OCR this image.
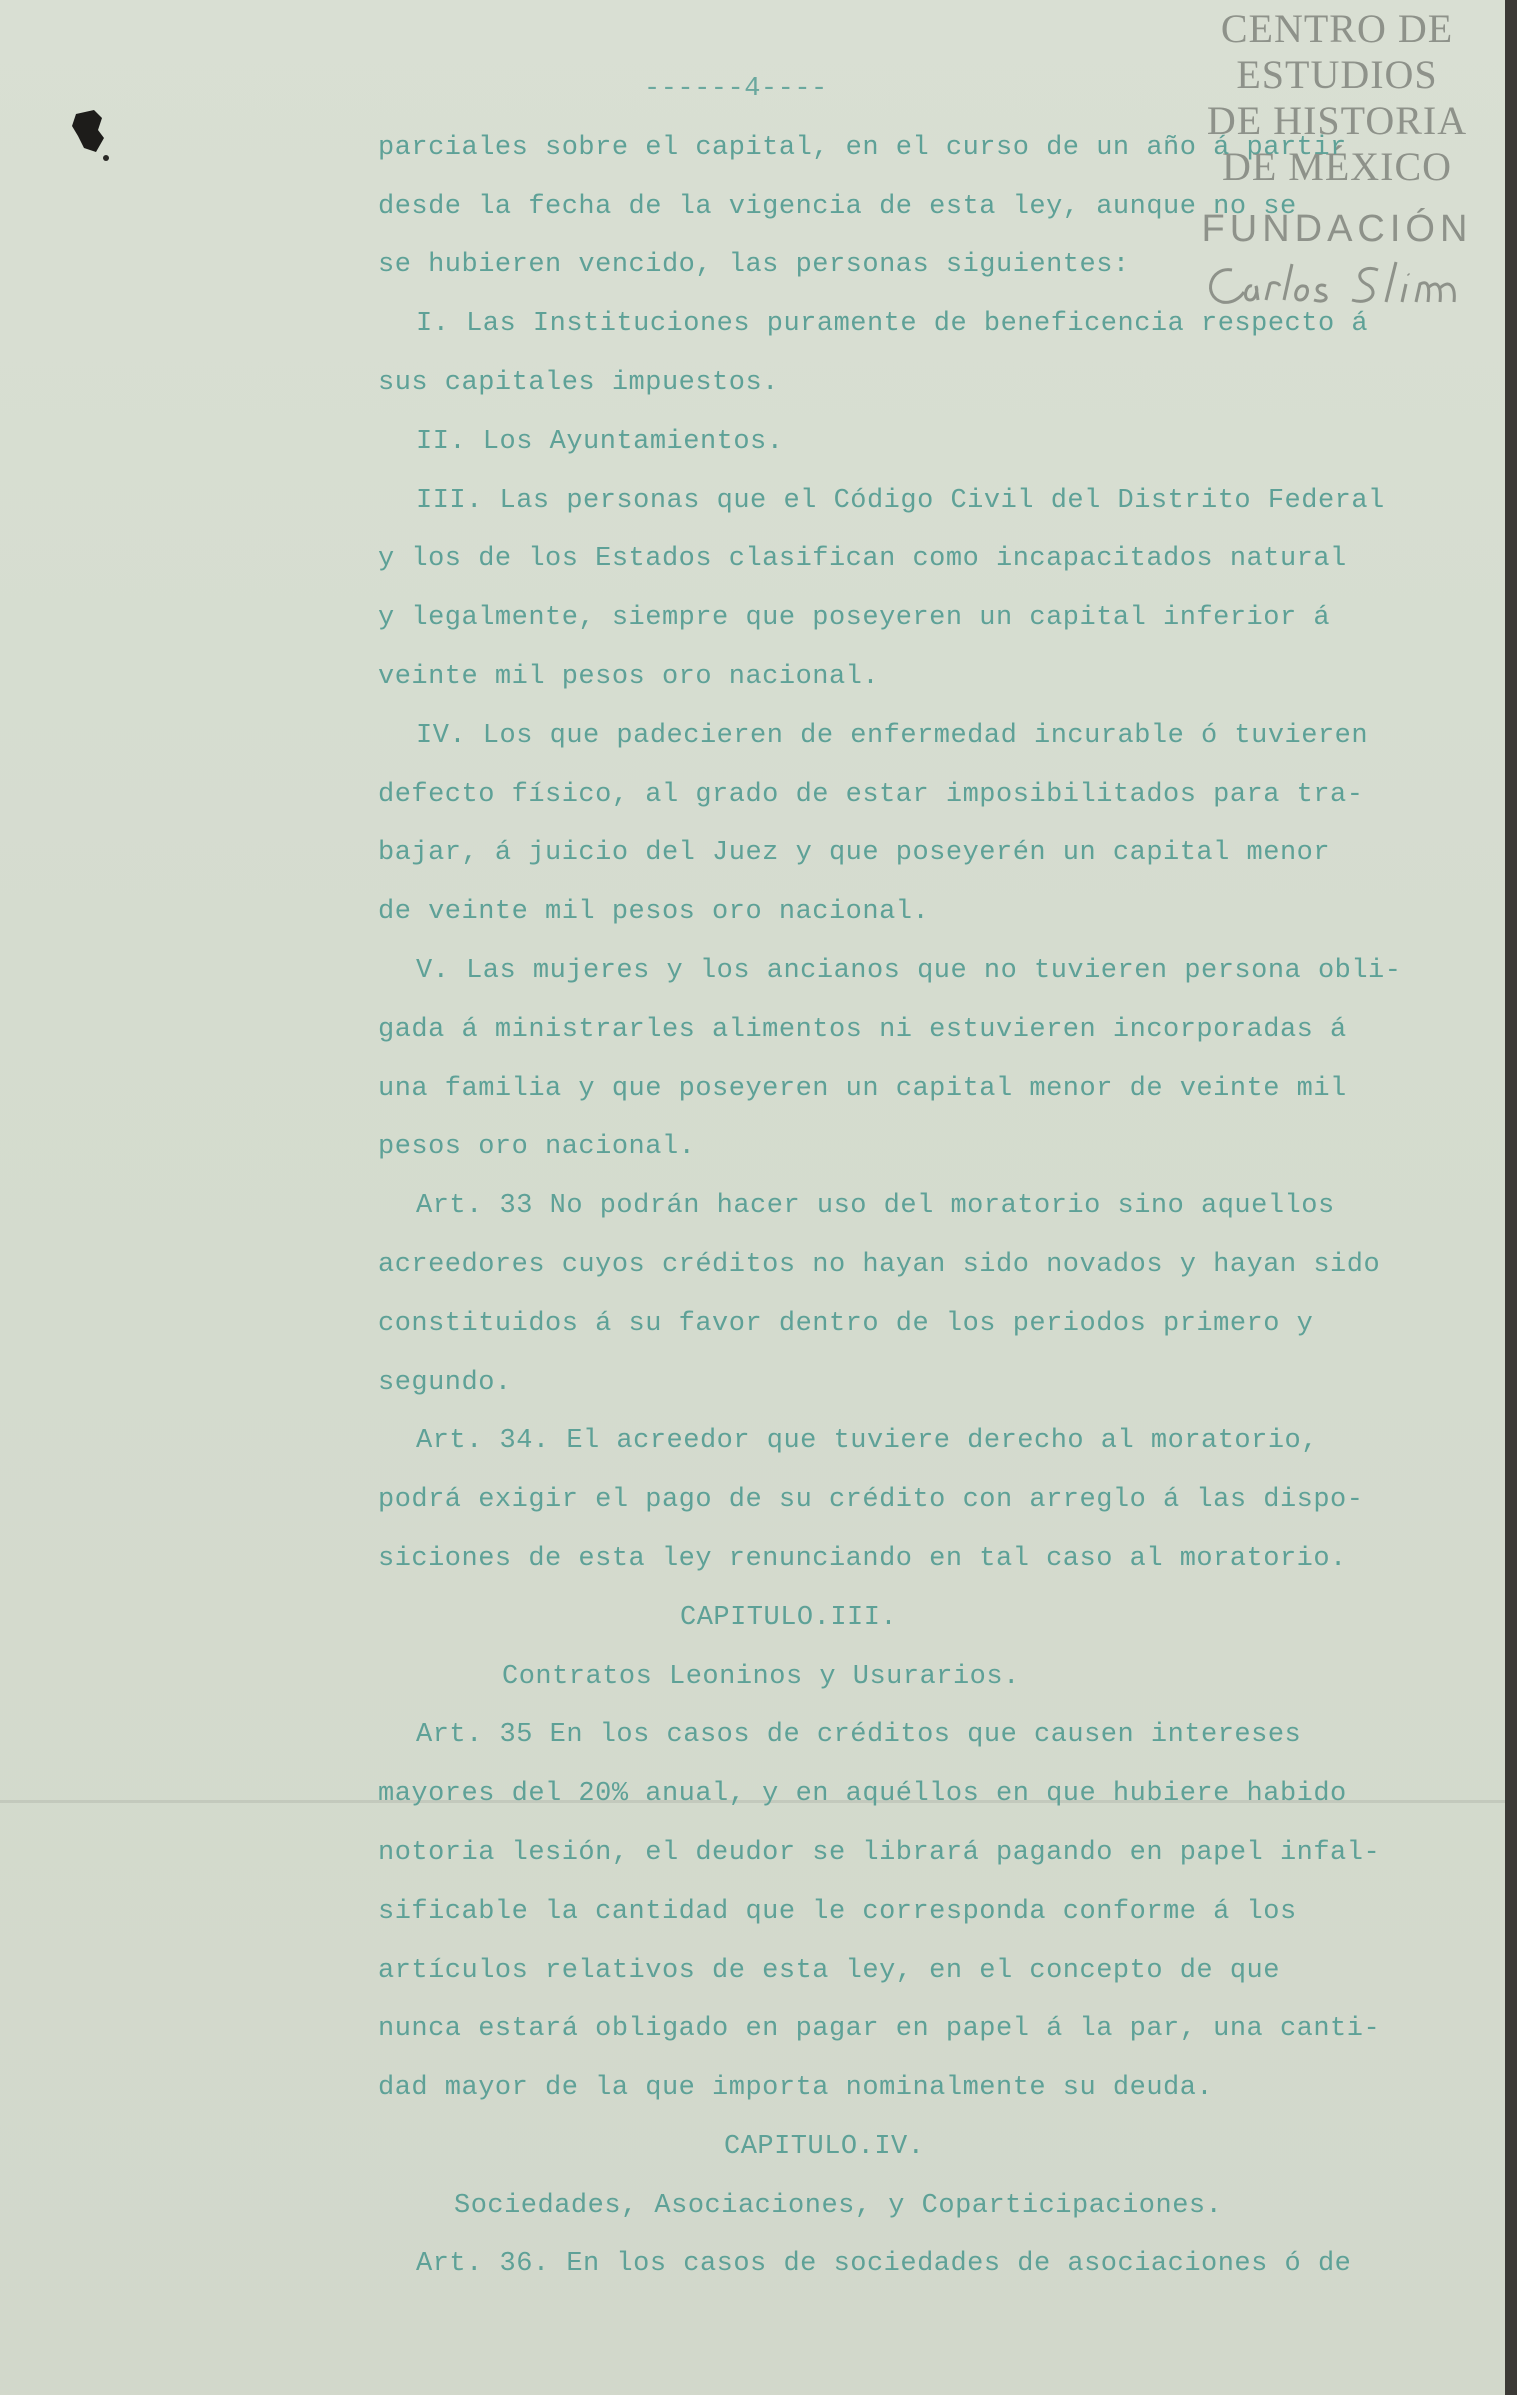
CENTRO DE
ESTUDIOS
DE HISTORIA
DE MÉXICO
FUNDACIÓN

------4----

parciales sobre el capital, en el curso de un año á partir

desde la fecha de la vigencia de esta ley, aunque no se

se hubieren vencido, las personas siguientes:

I. Las Instituciones puramente de beneficencia respecto á

sus capitales impuestos.

II. Los Ayuntamientos.

III. Las personas que el Código Civil del Distrito Federal

y los de los Estados clasifican como incapacitados natural

y legalmente, siempre que poseyeren un capital inferior á

veinte mil pesos oro nacional.

IV. Los que padecieren de enfermedad incurable ó tuvieren

defecto físico, al grado de estar imposibilitados para tra-

bajar, á juicio del Juez y que poseyerén un capital menor

de veinte mil pesos oro nacional.

V. Las mujeres y los ancianos que no tuvieren persona obli-

gada á ministrarles alimentos ni estuvieren incorporadas á

una familia y que poseyeren un capital menor de veinte mil

pesos oro nacional.

Art. 33 No podrán hacer uso del moratorio sino aquellos

acreedores cuyos créditos no hayan sido novados y hayan sido

constituidos á su favor dentro de los periodos primero y

segundo.

Art. 34. El acreedor que tuviere derecho al moratorio,

podrá exigir el pago de su crédito con arreglo á las dispo-

siciones de esta ley renunciando en tal caso al moratorio.

CAPITULO.III.

Contratos Leoninos y Usurarios.

Art. 35 En los casos de créditos que causen intereses

mayores del 20% anual, y en aquéllos en que hubiere habido

notoria lesión, el deudor se librará pagando en papel infal-

sificable la cantidad que le corresponda conforme á los

artículos relativos de esta ley, en el concepto de que

nunca estará obligado en pagar en papel á la par, una canti-

dad mayor de la que importa nominalmente su deuda.

CAPITULO.IV.

Sociedades, Asociaciones, y Coparticipaciones.

Art. 36. En los casos de sociedades de asociaciones ó de
